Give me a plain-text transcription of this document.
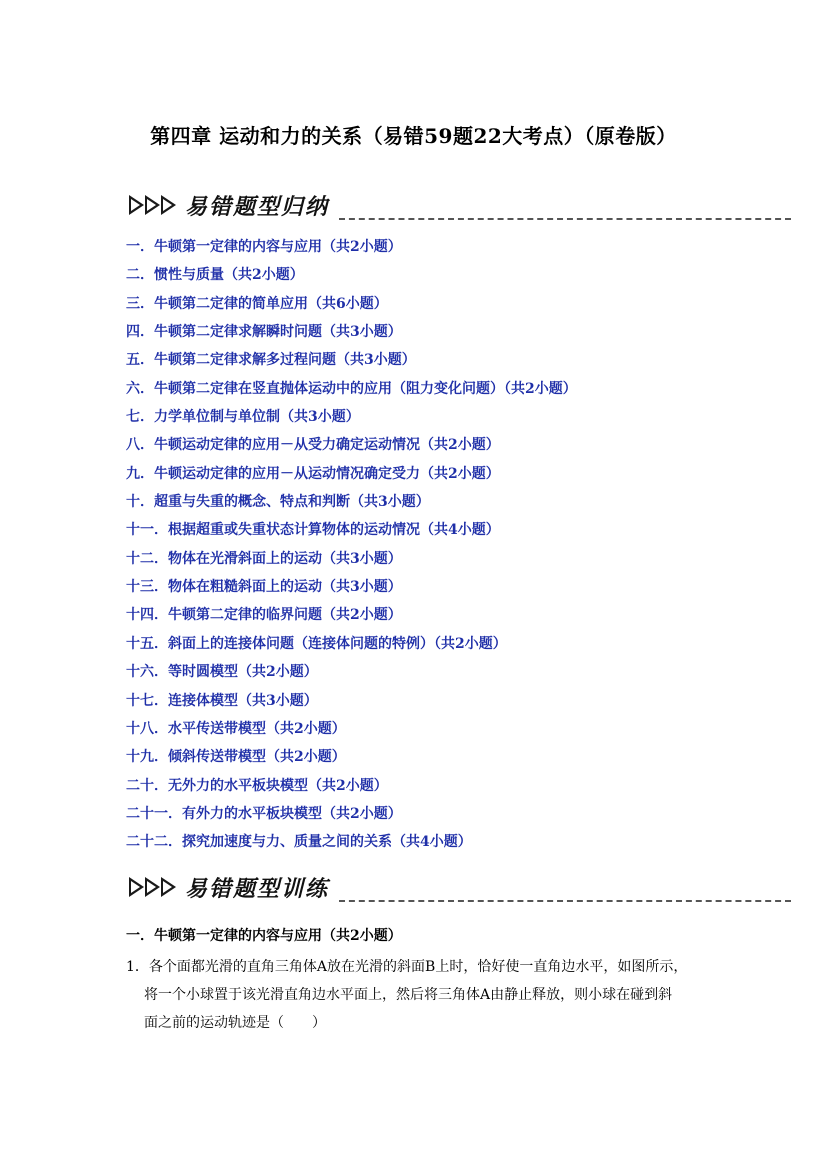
第四章 运动和力的关系（易错59题22大考点）（原卷版）
易错题型归纳
一．牛顿第一定律的内容与应用（共2小题）
二．惯性与质量（共2小题）
三．牛顿第二定律的简单应用（共6小题）
四．牛顿第二定律求解瞬时问题（共3小题）
五．牛顿第二定律求解多过程问题（共3小题）
六．牛顿第二定律在竖直抛体运动中的应用（阻力变化问题）（共2小题）
七．力学单位制与单位制（共3小题）
八．牛顿运动定律的应用－从受力确定运动情况（共2小题）
九．牛顿运动定律的应用－从运动情况确定受力（共2小题）
十．超重与失重的概念、特点和判断（共3小题）
十一．根据超重或失重状态计算物体的运动情况（共4小题）
十二．物体在光滑斜面上的运动（共3小题）
十三．物体在粗糙斜面上的运动（共3小题）
十四．牛顿第二定律的临界问题（共2小题）
十五．斜面上的连接体问题（连接体问题的特例）（共2小题）
十六．等时圆模型（共2小题）
十七．连接体模型（共3小题）
十八．水平传送带模型（共2小题）
十九．倾斜传送带模型（共2小题）
二十．无外力的水平板块模型（共2小题）
二十一．有外力的水平板块模型（共2小题）
二十二．探究加速度与力、质量之间的关系（共4小题）
易错题型训练
一．牛顿第一定律的内容与应用（共2小题）
1．各个面都光滑的直角三角体A放在光滑的斜面B上时，恰好使一直角边水平，如图所示，
将一个小球置于该光滑直角边水平面上，然后将三角体A由静止释放，则小球在碰到斜
面之前的运动轨迹是（　　）
